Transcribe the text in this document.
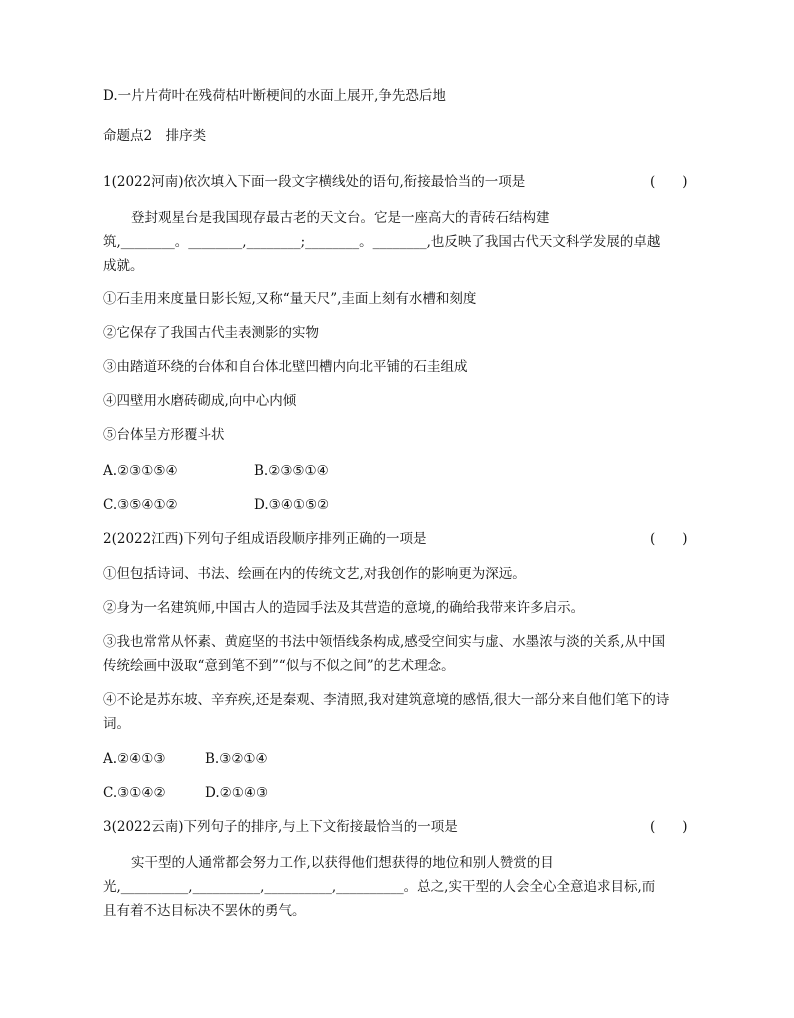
D.一片片荷叶在残荷枯叶断梗间的水面上展开,争先恐后地
命题点2　排序类
1(2022河南)依次填入下面一段文字横线处的语句,衔接最恰当的一项是	(　　)
登封观星台是我国现存最古老的天文台。它是一座高大的青砖石结构建
筑,________。________,________;________。________,也反映了我国古代天文科学发展的卓越
成就。
①石圭用来度量日影长短,又称“量天尺”,圭面上刻有水槽和刻度
②它保存了我国古代圭表测影的实物
③由踏道环绕的台体和自台体北壁凹槽内向北平铺的石圭组成
④四壁用水磨砖砌成,向中心内倾
⑤台体呈方形覆斗状
A.②③①⑤④	B.②③⑤①④
C.③⑤④①②	D.③④①⑤②
2(2022江西)下列句子组成语段顺序排列正确的一项是	(　　)
①但包括诗词、书法、绘画在内的传统文艺,对我创作的影响更为深远。
②身为一名建筑师,中国古人的造园手法及其营造的意境,的确给我带来许多启示。
③我也常常从怀素、黄庭坚的书法中领悟线条构成,感受空间实与虚、水墨浓与淡的关系,从中国
传统绘画中汲取“意到笔不到”“似与不似之间”的艺术理念。
④不论是苏东坡、辛弃疾,还是秦观、李清照,我对建筑意境的感悟,很大一部分来自他们笔下的诗
词。
A.②④①③	B.③②①④
C.③①④②	D.②①④③
3(2022云南)下列句子的排序,与上下文衔接最恰当的一项是	(　　)
实干型的人通常都会努力工作,以获得他们想获得的地位和别人赞赏的目
光,__________,__________,__________,__________。总之,实干型的人会全心全意追求目标,而
且有着不达目标决不罢休的勇气。
